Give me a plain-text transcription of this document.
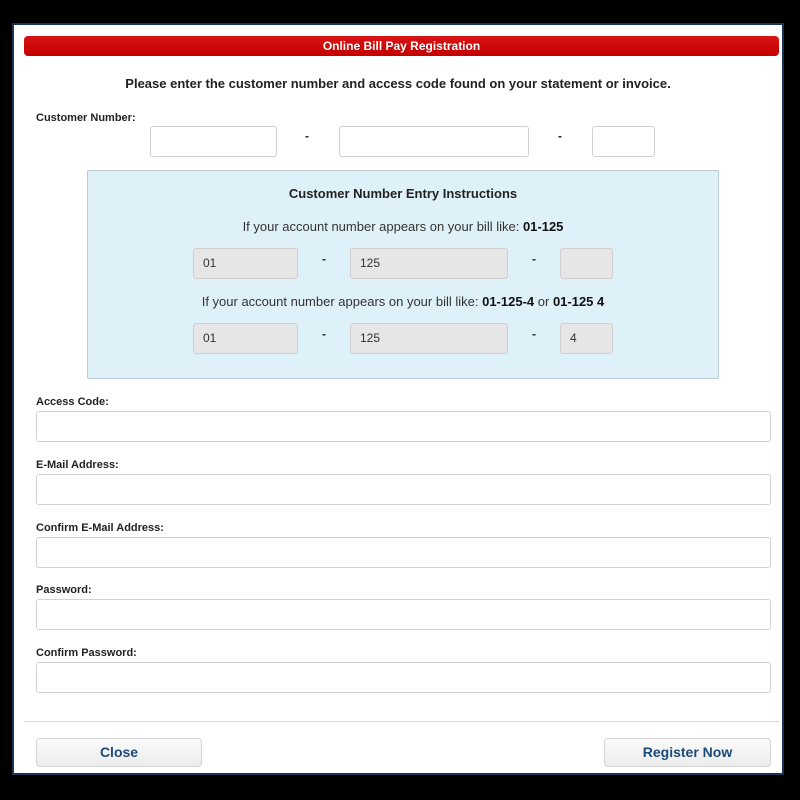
Online Bill Pay Registration
Please enter the customer number and access code found on your statement or invoice.
Customer Number:
-	-
Customer Number Entry Instructions
If your account number appears on your bill like: 01-125
01	-	125	-
If your account number appears on your bill like: 01-125-4 or 01-125 4
01	-	125	-	4
Access Code:
E-Mail Address:
Confirm E-Mail Address:
Password:
Confirm Password:
Close	Register Now
